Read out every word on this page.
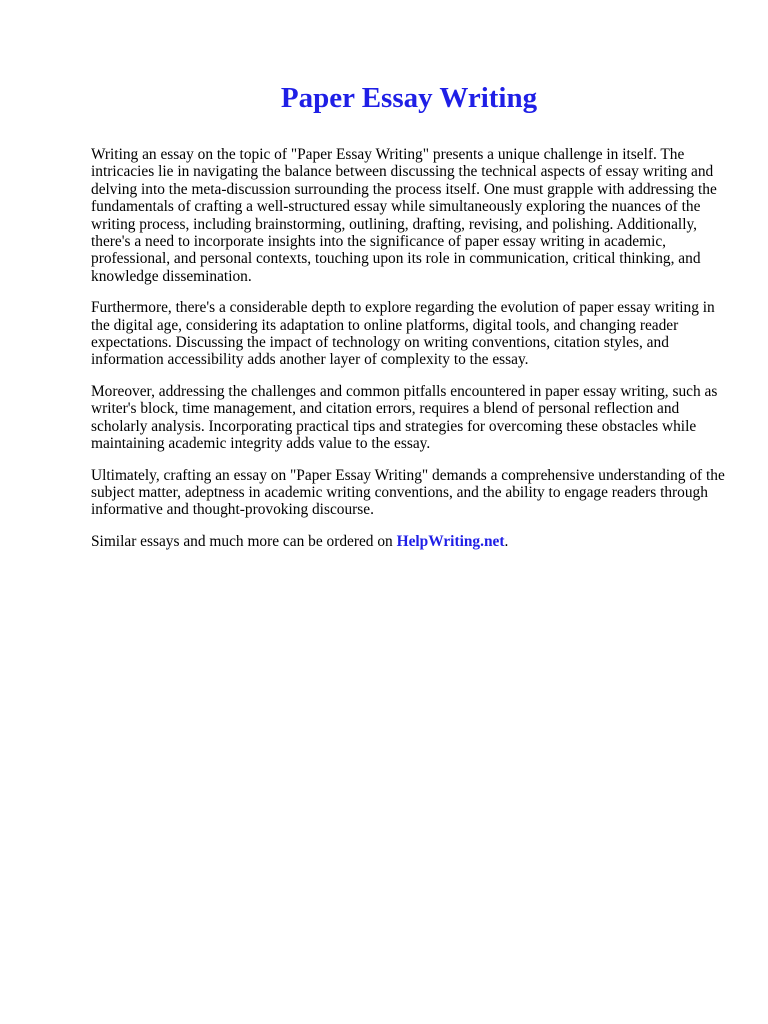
Paper Essay Writing

Writing an essay on the topic of "Paper Essay Writing" presents a unique challenge in itself. The intricacies lie in navigating the balance between discussing the technical aspects of essay writing and delving into the meta-discussion surrounding the process itself. One must grapple with addressing the fundamentals of crafting a well-structured essay while simultaneously exploring the nuances of the writing process, including brainstorming, outlining, drafting, revising, and polishing. Additionally, there's a need to incorporate insights into the significance of paper essay writing in academic, professional, and personal contexts, touching upon its role in communication, critical thinking, and knowledge dissemination.

Furthermore, there's a considerable depth to explore regarding the evolution of paper essay writing in the digital age, considering its adaptation to online platforms, digital tools, and changing reader expectations. Discussing the impact of technology on writing conventions, citation styles, and information accessibility adds another layer of complexity to the essay.

Moreover, addressing the challenges and common pitfalls encountered in paper essay writing, such as writer's block, time management, and citation errors, requires a blend of personal reflection and scholarly analysis. Incorporating practical tips and strategies for overcoming these obstacles while maintaining academic integrity adds value to the essay.

Ultimately, crafting an essay on "Paper Essay Writing" demands a comprehensive understanding of the subject matter, adeptness in academic writing conventions, and the ability to engage readers through informative and thought-provoking discourse.

Similar essays and much more can be ordered on HelpWriting.net.
